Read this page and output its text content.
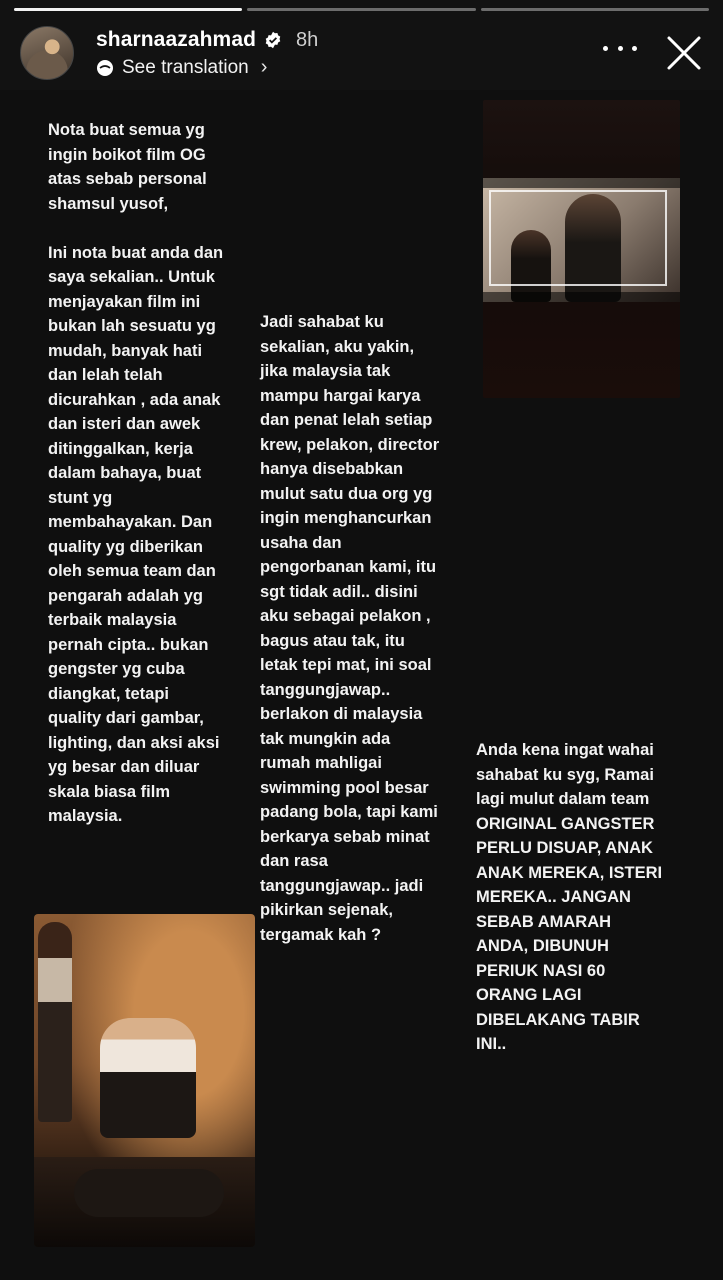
sharnaazahmad 8h
See translation ›
Nota buat semua yg
ingin boikot film OG
atas sebab personal
shamsul yusof,

Ini nota buat anda dan
saya sekalian.. Untuk
menjayakan film ini
bukan lah sesuatu yg
mudah, banyak hati
dan lelah telah
dicurahkan , ada anak
dan isteri dan awek
ditinggalkan, kerja
dalam bahaya, buat
stunt yg
membahayakan. Dan
quality yg diberikan
oleh semua team dan
pengarah adalah yg
terbaik malaysia
pernah cipta.. bukan
gengster yg cuba
diangkat, tetapi
quality dari gambar,
lighting, dan aksi aksi
yg besar dan diluar
skala biasa film
malaysia.
Jadi sahabat ku
sekalian, aku yakin,
jika malaysia tak
mampu hargai karya
dan penat lelah setiap
krew, pelakon, director
hanya disebabkan
mulut satu dua org yg
ingin menghancurkan
usaha dan
pengorbanan kami, itu
sgt tidak adil.. disini
aku sebagai pelakon ,
bagus atau tak, itu
letak tepi mat, ini soal
tanggungjawap..
berlakon di malaysia
tak mungkin ada
rumah mahligai
swimming pool besar
padang bola, tapi kami
berkarya sebab minat
dan rasa
tanggungjawap.. jadi
pikirkan sejenak,
tergamak kah ?
Anda kena ingat wahai
sahabat ku syg, Ramai
lagi mulut dalam team
ORIGINAL GANGSTER
PERLU DISUAP, ANAK
ANAK MEREKA, ISTERI
MEREKA.. JANGAN
SEBAB AMARAH
ANDA, DIBUNUH
PERIUK NASI 60
ORANG LAGI
DIBELAKANG TABIR
INI..
